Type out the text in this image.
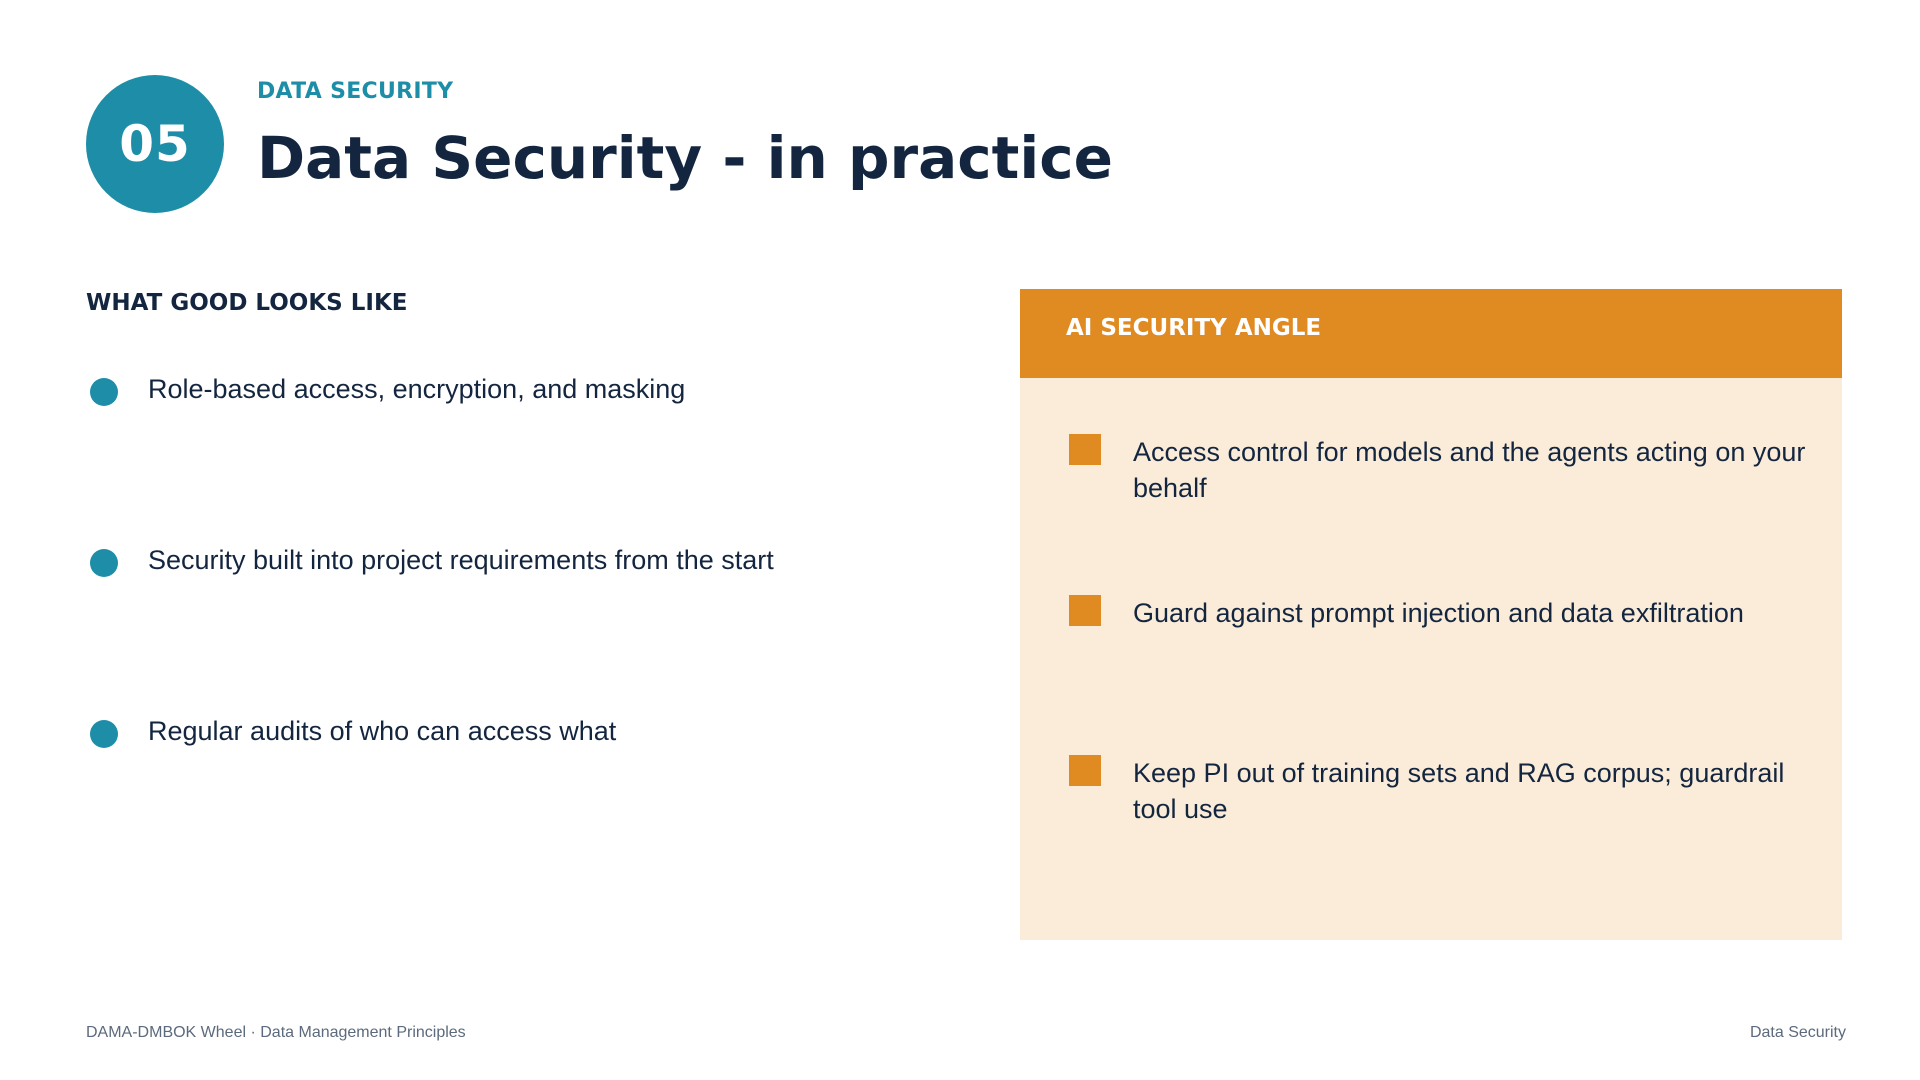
05
DATA SECURITY
Data Security - in practice
WHAT GOOD LOOKS LIKE
Role-based access, encryption, and masking
Security built into project requirements from the start
Regular audits of who can access what
AI SECURITY ANGLE
Access control for models and the agents acting on your behalf
Guard against prompt injection and data exfiltration
Keep PI out of training sets and RAG corpus; guardrail tool use
DAMA-DMBOK Wheel · Data Management Principles	Data Security
